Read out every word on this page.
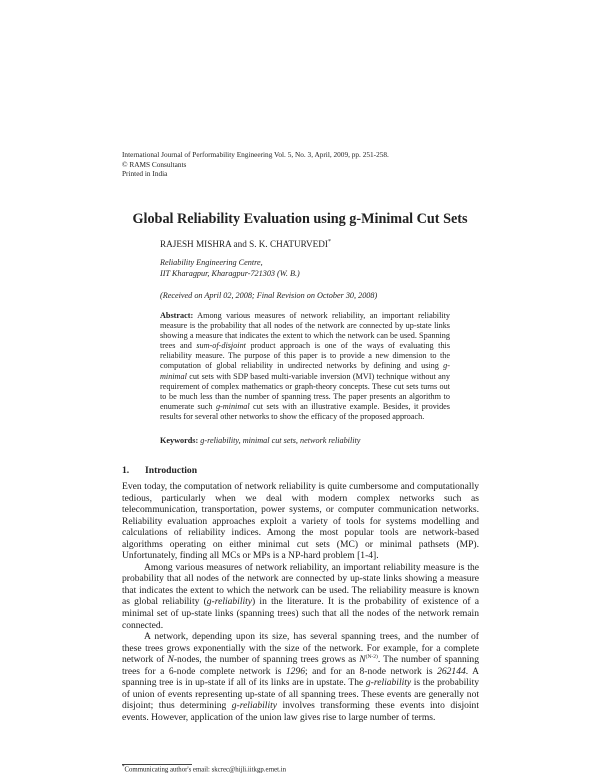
International Journal of Performability Engineering Vol. 5, No. 3, April, 2009, pp. 251-258.
© RAMS Consultants
Printed in India
Global Reliability Evaluation using g-Minimal Cut Sets
RAJESH MISHRA and S. K. CHATURVEDI*
Reliability Engineering Centre,
IIT Kharagpur, Kharagpur-721303 (W. B.)
(Received on April 02, 2008; Final Revision on October 30, 2008)
Abstract: Among various measures of network reliability, an important reliability measure is the probability that all nodes of the network are connected by up-state links showing a measure that indicates the extent to which the network can be used. Spanning trees and sum-of-disjoint product approach is one of the ways of evaluating this reliability measure. The purpose of this paper is to provide a new dimension to the computation of global reliability in undirected networks by defining and using g-minimal cut sets with SDP based multi-variable inversion (MVI) technique without any requirement of complex mathematics or graph-theory concepts. These cut sets turns out to be much less than the number of spanning tress. The paper presents an algorithm to enumerate such g-minimal cut sets with an illustrative example. Besides, it provides results for several other networks to show the efficacy of the proposed approach.
Keywords: g-reliability, minimal cut sets, network reliability
1. Introduction

Even today, the computation of network reliability is quite cumbersome and computationally tedious, particularly when we deal with modern complex networks such as telecommunication, transportation, power systems, or computer communication networks. Reliability evaluation approaches exploit a variety of tools for systems modelling and calculations of reliability indices. Among the most popular tools are network-based algorithms operating on either minimal cut sets (MC) or minimal pathsets (MP). Unfortunately, finding all MCs or MPs is a NP-hard problem [1-4].

Among various measures of network reliability, an important reliability measure is the probability that all nodes of the network are connected by up-state links showing a measure that indicates the extent to which the network can be used. The reliability measure is known as global reliability (g-reliability) in the literature. It is the probability of existence of a minimal set of up-state links (spanning trees) such that all the nodes of the network remain connected.

A network, depending upon its size, has several spanning trees, and the number of these trees grows exponentially with the size of the network. For example, for a complete network of N-nodes, the number of spanning trees grows as $N^{(N-2)}$. The number of spanning trees for a 6-node complete network is 1296; and for an 8-node network is 262144. A spanning tree is in up-state if all of its links are in upstate. The g-reliability is the probability of union of events representing up-state of all spanning trees. These events are generally not disjoint; thus determining g-reliability involves transforming these events into disjoint events. However, application of the union law gives rise to large number of terms.

*Communicating author's email: skcrec@hijli.iitkgp.ernet.in
